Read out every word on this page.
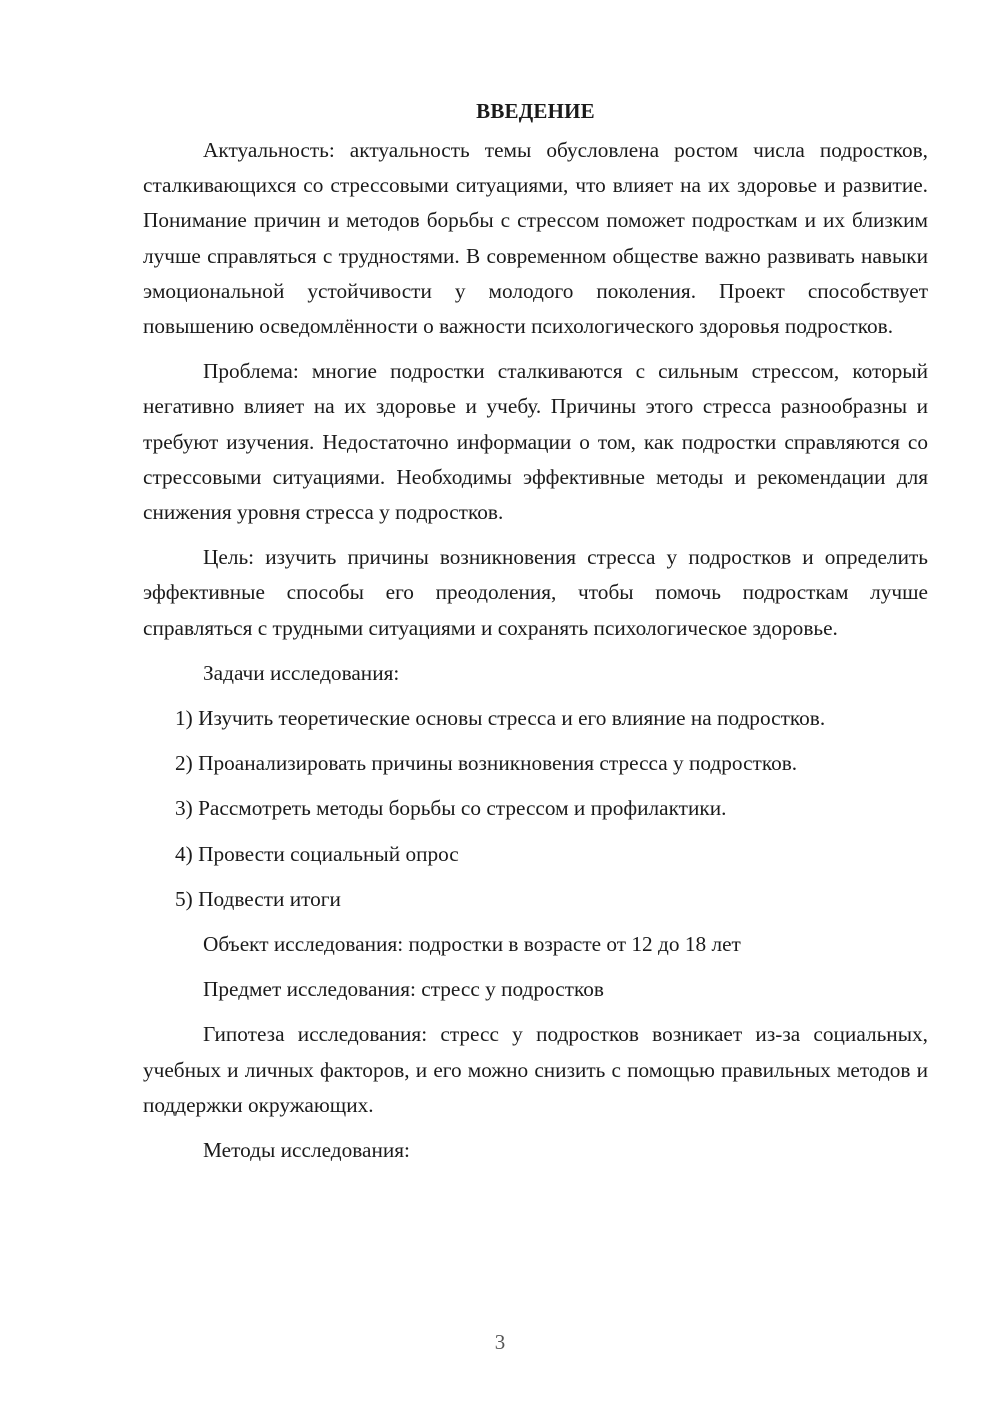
ВВЕДЕНИЕ

Актуальность: актуальность темы обусловлена ростом числа подростков, сталкивающихся со стрессовыми ситуациями, что влияет на их здоровье и развитие. Понимание причин и методов борьбы с стрессом поможет подросткам и их близким лучше справляться с трудностями. В современном обществе важно развивать навыки эмоциональной устойчивости у молодого поколения. Проект способствует повышению осведомлённости о важности психологического здоровья подростков.

Проблема: многие подростки сталкиваются с сильным стрессом, который негативно влияет на их здоровье и учебу. Причины этого стресса разнообразны и требуют изучения. Недостаточно информации о том, как подростки справляются со стрессовыми ситуациями. Необходимы эффективные методы и рекомендации для снижения уровня стресса у подростков.

Цель: изучить причины возникновения стресса у подростков и определить эффективные способы его преодоления, чтобы помочь подросткам лучше справляться с трудными ситуациями и сохранять психологическое здоровье.

Задачи исследования:

1) Изучить теоретические основы стресса и его влияние на подростков.
2) Проанализировать причины возникновения стресса у подростков.
3) Рассмотреть методы борьбы со стрессом и профилактики.
4) Провести социальный опрос
5) Подвести итоги

Объект исследования: подростки в возрасте от 12 до 18 лет

Предмет исследования: стресс у подростков

Гипотеза исследования: стресс у подростков возникает из-за социальных, учебных и личных факторов, и его можно снизить с помощью правильных методов и поддержки окружающих.

Методы исследования:

3
